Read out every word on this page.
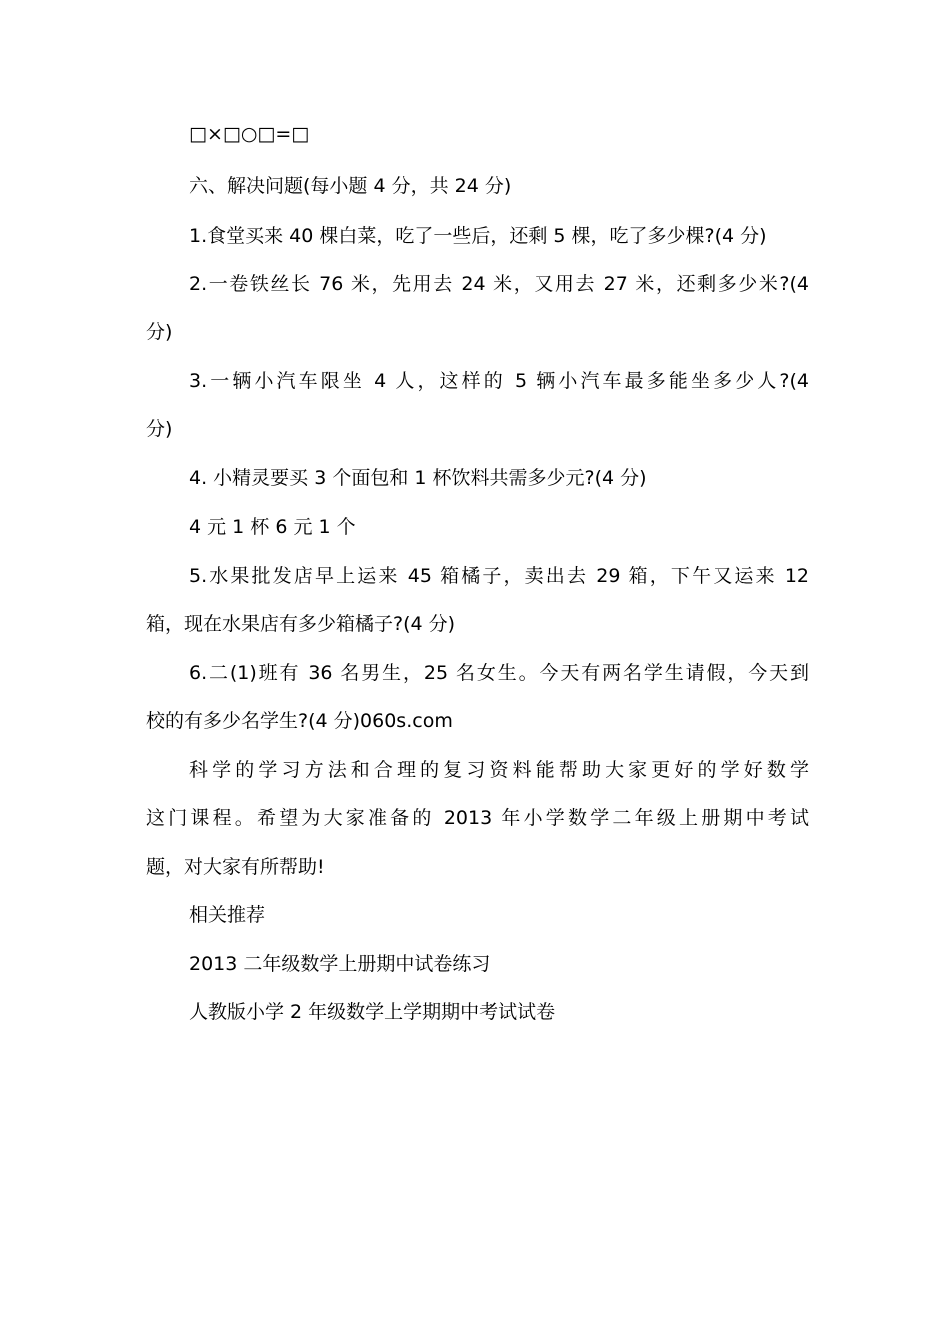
□×□○□=□
六、解决问题(每小题 4 分，共 24 分)
1.食堂买来 40 棵白菜，吃了一些后，还剩 5 棵，吃了多少棵?(4 分)
2.一卷铁丝长 76 米，先用去 24 米，又用去 27 米，还剩多少米?(4
分)
3.一辆小汽车限坐 4 人，这样的 5 辆小汽车最多能坐多少人?(4
分)
4. 小精灵要买 3 个面包和 1 杯饮料共需多少元?(4 分)
4 元 1 杯 6 元 1 个
5.水果批发店早上运来 45 箱橘子，卖出去 29 箱，下午又运来 12
箱，现在水果店有多少箱橘子?(4 分)
6.二(1)班有 36 名男生，25 名女生。今天有两名学生请假，今天到
校的有多少名学生?(4 分)060s.com
科学的学习方法和合理的复习资料能帮助大家更好的学好数学
这门课程。希望为大家准备的 2013 年小学数学二年级上册期中考试
题，对大家有所帮助!
相关推荐
2013 二年级数学上册期中试卷练习
人教版小学 2 年级数学上学期期中考试试卷
